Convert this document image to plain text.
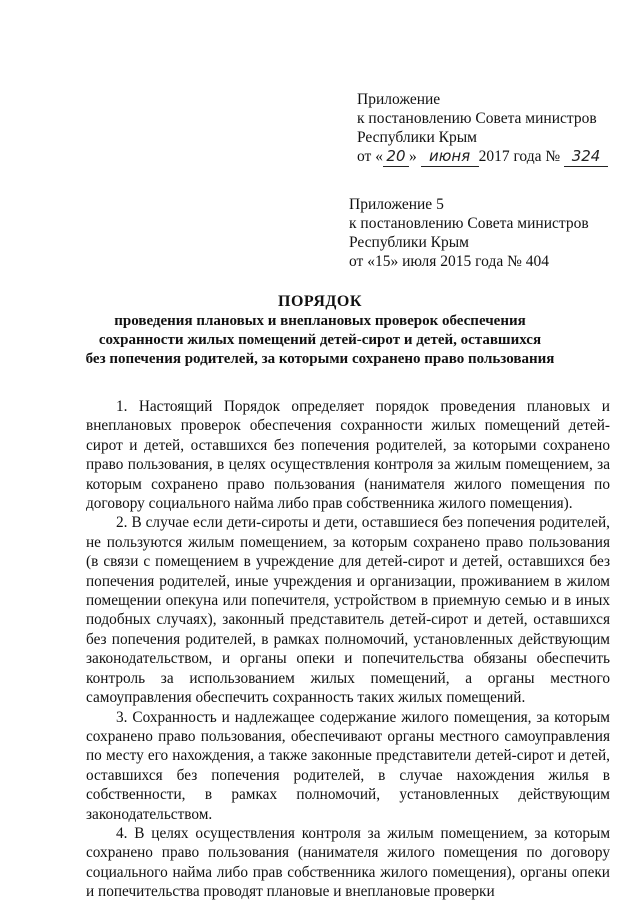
Приложение
к постановлению Совета министров
Республики Крым
от « 20 » июня 2017 года № 324
Приложение 5
к постановлению Совета министров
Республики Крым
от «15» июля 2015 года № 404
ПОРЯДОК
проведения плановых и внеплановых проверок обеспечения
сохранности жилых помещений детей-сирот и детей, оставшихся
без попечения родителей, за которыми сохранено право пользования

1. Настоящий Порядок определяет порядок проведения плановых и внеплановых проверок обеспечения сохранности жилых помещений детей-сирот и детей, оставшихся без попечения родителей, за которыми сохранено право пользования, в целях осуществления контроля за жилым помещением, за которым сохранено право пользования (нанимателя жилого помещения по договору социального найма либо прав собственника жилого помещения).

2. В случае если дети-сироты и дети, оставшиеся без попечения родителей, не пользуются жилым помещением, за которым сохранено право пользования (в связи с помещением в учреждение для детей-сирот и детей, оставшихся без попечения родителей, иные учреждения и организации, проживанием в жилом помещении опекуна или попечителя, устройством в приемную семью и в иных подобных случаях), законный представитель детей-сирот и детей, оставшихся без попечения родителей, в рамках полномочий, установленных действующим законодательством, и органы опеки и попечительства обязаны обеспечить контроль за использованием жилых помещений, а органы местного самоуправления обеспечить сохранность таких жилых помещений.

3. Сохранность и надлежащее содержание жилого помещения, за которым сохранено право пользования, обеспечивают органы местного самоуправления по месту его нахождения, а также законные представители детей-сирот и детей, оставшихся без попечения родителей, в случае нахождения жилья в собственности, в рамках полномочий, установленных действующим законодательством.

4. В целях осуществления контроля за жилым помещением, за которым сохранено право пользования (нанимателя жилого помещения по договору социального найма либо прав собственника жилого помещения), органы опеки и попечительства проводят плановые и внеплановые проверки
